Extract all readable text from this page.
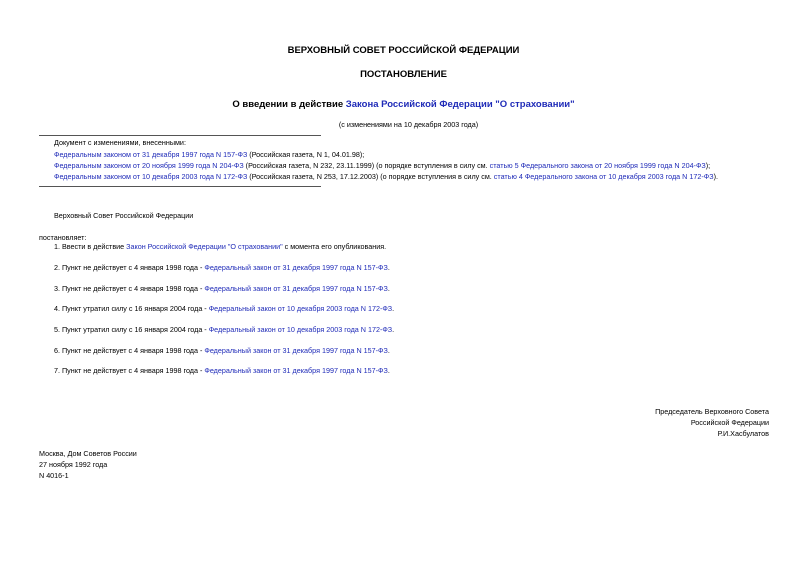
ВЕРХОВНЫЙ СОВЕТ РОССИЙСКОЙ ФЕДЕРАЦИИ
ПОСТАНОВЛЕНИЕ
О введении в действие Закона Российской Федерации "О страховании"
(с изменениями на 10 декабря 2003 года)
Документ с изменениями, внесенными:
Федеральным законом от 31 декабря 1997 года N 157-ФЗ (Российская газета, N 1, 04.01.98);
Федеральным законом от 20 ноября 1999 года N 204-ФЗ (Российская газета, N 232, 23.11.1999) (о порядке вступления в силу см. статью 5 Федерального закона от 20 ноября 1999 года N 204-ФЗ);
Федеральным законом от 10 декабря 2003 года N 172-ФЗ (Российская газета, N 253, 17.12.2003) (о порядке вступления в силу см. статью 4 Федерального закона от 10 декабря 2003 года N 172-ФЗ).
Верховный Совет Российской Федерации
постановляет:
1. Ввести в действие Закон Российской Федерации "О страховании" с момента его опубликования.
2. Пункт не действует с 4 января 1998 года - Федеральный закон от 31 декабря 1997 года N 157-ФЗ.
3. Пункт не действует с 4 января 1998 года - Федеральный закон от 31 декабря 1997 года N 157-ФЗ.
4. Пункт утратил силу с 16 января 2004 года - Федеральный закон от 10 декабря 2003 года N 172-ФЗ.
5. Пункт утратил силу с 16 января 2004 года - Федеральный закон от 10 декабря 2003 года N 172-ФЗ.
6. Пункт не действует с 4 января 1998 года - Федеральный закон от 31 декабря 1997 года N 157-ФЗ.
7. Пункт не действует с 4 января 1998 года - Федеральный закон от 31 декабря 1997 года N 157-ФЗ.
Председатель Верховного Совета
Российской Федерации
Р.И.Хасбулатов
Москва, Дом Советов России
27 ноября 1992 года
N 4016-1
